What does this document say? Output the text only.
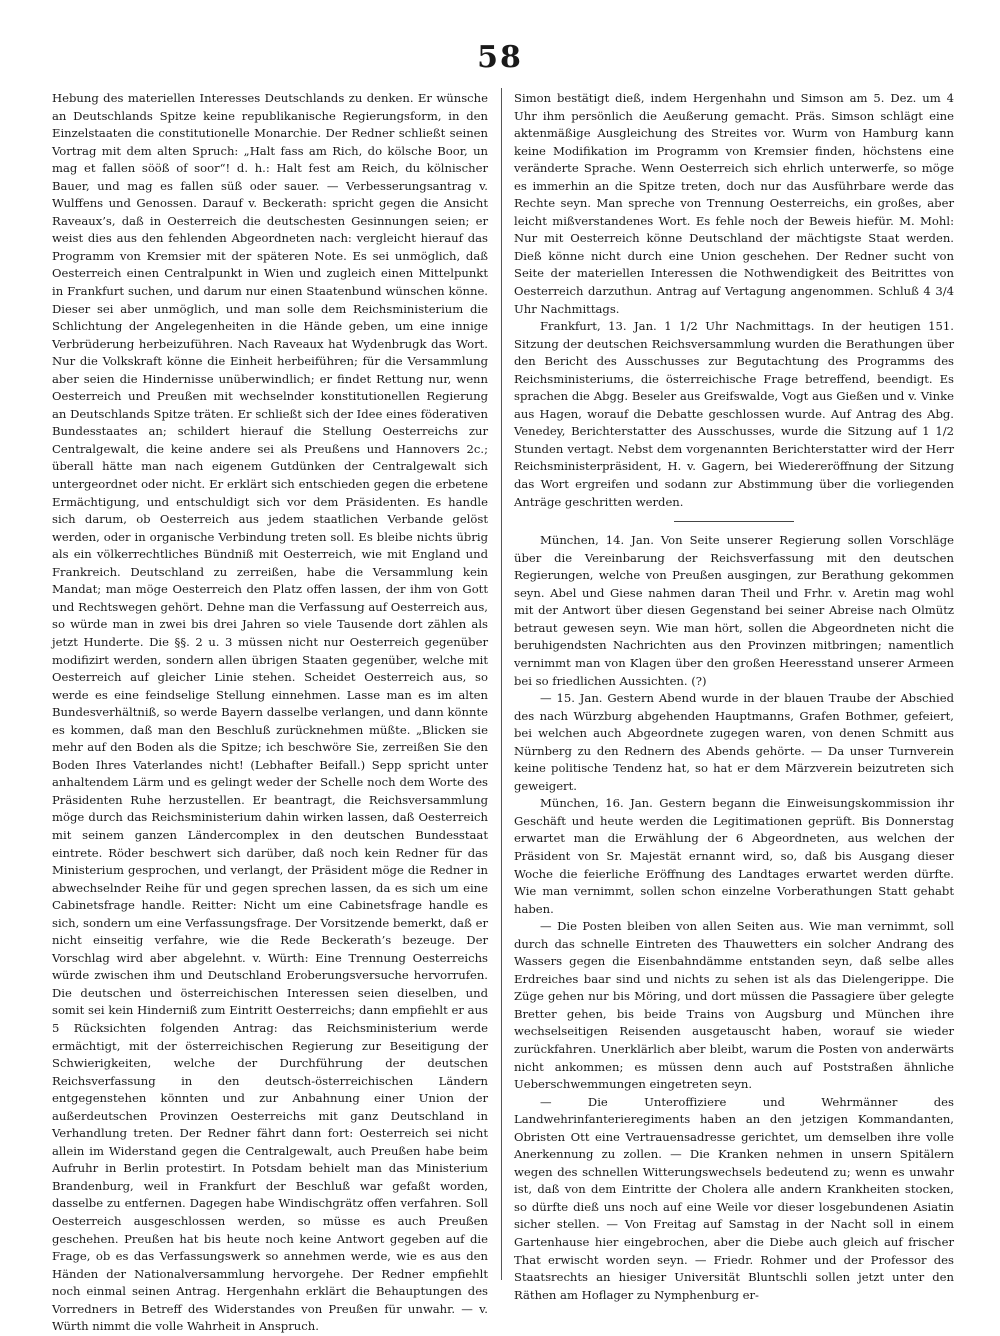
58

Hebung des materiellen Interesses Deutschlands zu denken. Er wünsche an Deutschlands Spitze keine republikanische Regierungsform, in den Einzelstaaten die constitutionelle Monarchie. Der Redner schließt seinen Vortrag mit dem alten Spruch: „Halt fass am Rich, do kölsche Boor, un mag et fallen sööß of soor“! d. h.: Halt fest am Reich, du kölnischer Bauer, und mag es fallen süß oder sauer. — Verbesserungsantrag v. Wulffens und Genossen. Darauf v. Beckerath: spricht gegen die Ansicht Raveaux’s, daß in Oesterreich die deutschesten Gesinnungen seien; er weist dies aus den fehlenden Abgeordneten nach: vergleicht hierauf das Programm von Kremsier mit der späteren Note. Es sei unmöglich, daß Oesterreich einen Centralpunkt in Wien und zugleich einen Mittelpunkt in Frankfurt suchen, und darum nur einen Staatenbund wünschen könne. Dieser sei aber unmöglich, und man solle dem Reichsministerium die Schlichtung der Angelegenheiten in die Hände geben, um eine innige Verbrüderung herbeizuführen. Nach Raveaux hat Wydenbrugk das Wort. Nur die Volkskraft könne die Einheit herbeiführen; für die Versammlung aber seien die Hindernisse unüberwindlich; er findet Rettung nur, wenn Oesterreich und Preußen mit wechselnder konstitutionellen Regierung an Deutschlands Spitze träten. Er schließt sich der Idee eines föderativen Bundesstaates an; schildert hierauf die Stellung Oesterreichs zur Centralgewalt, die keine andere sei als Preußens und Hannovers 2c.; überall hätte man nach eigenem Gutdünken der Centralgewalt sich untergeordnet oder nicht. Er erklärt sich entschieden gegen die erbetene Ermächtigung, und entschuldigt sich vor dem Präsidenten. Es handle sich darum, ob Oesterreich aus jedem staatlichen Verbande gelöst werden, oder in organische Verbindung treten soll. Es bleibe nichts übrig als ein völkerrechtliches Bündniß mit Oesterreich, wie mit England und Frankreich. Deutschland zu zerreißen, habe die Versammlung kein Mandat; man möge Oesterreich den Platz offen lassen, der ihm von Gott und Rechtswegen gehört. Dehne man die Verfassung auf Oesterreich aus, so würde man in zwei bis drei Jahren so viele Tausende dort zählen als jetzt Hunderte. Die §§. 2 u. 3 müssen nicht nur Oesterreich gegenüber modifizirt werden, sondern allen übrigen Staaten gegenüber, welche mit Oesterreich auf gleicher Linie stehen. Scheidet Oesterreich aus, so werde es eine feindselige Stellung einnehmen. Lasse man es im alten Bundesverhältniß, so werde Bayern dasselbe verlangen, und dann könnte es kommen, daß man den Beschluß zurücknehmen müßte. „Blicken sie mehr auf den Boden als die Spitze; ich beschwöre Sie, zerreißen Sie den Boden Ihres Vaterlandes nicht! (Lebhafter Beifall.) Sepp spricht unter anhaltendem Lärm und es gelingt weder der Schelle noch dem Worte des Präsidenten Ruhe herzustellen. Er beantragt, die Reichsversammlung möge durch das Reichsministerium dahin wirken lassen, daß Oesterreich mit seinem ganzen Ländercomplex in den deutschen Bundesstaat eintrete. Röder beschwert sich darüber, daß noch kein Redner für das Ministerium gesprochen, und verlangt, der Präsident möge die Redner in abwechselnder Reihe für und gegen sprechen lassen, da es sich um eine Cabinetsfrage handle. Reitter: Nicht um eine Cabinetsfrage handle es sich, sondern um eine Verfassungsfrage. Der Vorsitzende bemerkt, daß er nicht einseitig verfahre, wie die Rede Beckerath’s bezeuge. Der Vorschlag wird aber abgelehnt. v. Würth: Eine Trennung Oesterreichs würde zwischen ihm und Deutschland Eroberungsversuche hervorrufen. Die deutschen und österreichischen Interessen seien dieselben, und somit sei kein Hinderniß zum Eintritt Oesterreichs; dann empfiehlt er aus 5 Rücksichten folgenden Antrag: das Reichsministerium werde ermächtigt, mit der österreichischen Regierung zur Beseitigung der Schwierigkeiten, welche der Durchführung der deutschen Reichsverfassung in den deutsch-österreichischen Ländern entgegenstehen könnten und zur Anbahnung einer Union der außerdeutschen Provinzen Oesterreichs mit ganz Deutschland in Verhandlung treten. Der Redner fährt dann fort: Oesterreich sei nicht allein im Widerstand gegen die Centralgewalt, auch Preußen habe beim Aufruhr in Berlin protestirt. In Potsdam behielt man das Ministerium Brandenburg, weil in Frankfurt der Beschluß war gefaßt worden, dasselbe zu entfernen. Dagegen habe Windischgrätz offen verfahren. Soll Oesterreich ausgeschlossen werden, so müsse es auch Preußen geschehen. Preußen hat bis heute noch keine Antwort gegeben auf die Frage, ob es das Verfassungswerk so annehmen werde, wie es aus den Händen der Nationalversammlung hervorgehe. Der Redner empfiehlt noch einmal seinen Antrag. Hergenhahn erklärt die Behauptungen des Vorredners in Betreff des Widerstandes von Preußen für unwahr. — v. Würth nimmt die volle Wahrheit in Anspruch.

Simon bestätigt dieß, indem Hergenhahn und Simson am 5. Dez. um 4 Uhr ihm persönlich die Aeußerung gemacht. Präs. Simson schlägt eine aktenmäßige Ausgleichung des Streites vor. Wurm von Hamburg kann keine Modifikation im Programm von Kremsier finden, höchstens eine veränderte Sprache. Wenn Oesterreich sich ehrlich unterwerfe, so möge es immerhin an die Spitze treten, doch nur das Ausführbare werde das Rechte seyn. Man spreche von Trennung Oesterreichs, ein großes, aber leicht mißverstandenes Wort. Es fehle noch der Beweis hiefür. M. Mohl: Nur mit Oesterreich könne Deutschland der mächtigste Staat werden. Dieß könne nicht durch eine Union geschehen. Der Redner sucht von Seite der materiellen Interessen die Nothwendigkeit des Beitrittes von Oesterreich darzuthun. Antrag auf Vertagung angenommen. Schluß 4 3/4 Uhr Nachmittags.

Frankfurt, 13. Jan. 1 1/2 Uhr Nachmittags. In der heutigen 151. Sitzung der deutschen Reichsversammlung wurden die Berathungen über den Bericht des Ausschusses zur Begutachtung des Programms des Reichsministeriums, die österreichische Frage betreffend, beendigt. Es sprachen die Abgg. Beseler aus Greifswalde, Vogt aus Gießen und v. Vinke aus Hagen, worauf die Debatte geschlossen wurde. Auf Antrag des Abg. Venedey, Berichterstatter des Ausschusses, wurde die Sitzung auf 1 1/2 Stunden vertagt. Nebst dem vorgenannten Berichterstatter wird der Herr Reichsministerpräsident, H. v. Gagern, bei Wiedereröffnung der Sitzung das Wort ergreifen und sodann zur Abstimmung über die vorliegenden Anträge geschritten werden.

München, 14. Jan. Von Seite unserer Regierung sollen Vorschläge über die Vereinbarung der Reichsverfassung mit den deutschen Regierungen, welche von Preußen ausgingen, zur Berathung gekommen seyn. Abel und Giese nahmen daran Theil und Frhr. v. Aretin mag wohl mit der Antwort über diesen Gegenstand bei seiner Abreise nach Olmütz betraut gewesen seyn. Wie man hört, sollen die Abgeordneten nicht die beruhigendsten Nachrichten aus den Provinzen mitbringen; namentlich vernimmt man von Klagen über den großen Heeresstand unserer Armeen bei so friedlichen Aussichten. (?)

— 15. Jan. Gestern Abend wurde in der blauen Traube der Abschied des nach Würzburg abgehenden Hauptmanns, Grafen Bothmer, gefeiert, bei welchen auch Abgeordnete zugegen waren, von denen Schmitt aus Nürnberg zu den Rednern des Abends gehörte. — Da unser Turnverein keine politische Tendenz hat, so hat er dem Märzverein beizutreten sich geweigert.

München, 16. Jan. Gestern begann die Einweisungskommission ihr Geschäft und heute werden die Legitimationen geprüft. Bis Donnerstag erwartet man die Erwählung der 6 Abgeordneten, aus welchen der Präsident von Sr. Majestät ernannt wird, so, daß bis Ausgang dieser Woche die feierliche Eröffnung des Landtages erwartet werden dürfte. Wie man vernimmt, sollen schon einzelne Vorberathungen Statt gehabt haben.

— Die Posten bleiben von allen Seiten aus. Wie man vernimmt, soll durch das schnelle Eintreten des Thauwetters ein solcher Andrang des Wassers gegen die Eisenbahndämme entstanden seyn, daß selbe alles Erdreiches baar sind und nichts zu sehen ist als das Dielengerippe. Die Züge gehen nur bis Möring, und dort müssen die Passagiere über gelegte Bretter gehen, bis beide Trains von Augsburg und München ihre wechselseitigen Reisenden ausgetauscht haben, worauf sie wieder zurückfahren. Unerklärlich aber bleibt, warum die Posten von anderwärts nicht ankommen; es müssen denn auch auf Poststraßen ähnliche Ueberschwemmungen eingetreten seyn.

— Die Unteroffiziere und Wehrmänner des Landwehrinfanterieregiments haben an den jetzigen Kommandanten, Obristen Ott eine Vertrauensadresse gerichtet, um demselben ihre volle Anerkennung zu zollen. — Die Kranken nehmen in unsern Spitälern wegen des schnellen Witterungswechsels bedeutend zu; wenn es unwahr ist, daß von dem Eintritte der Cholera alle andern Krankheiten stocken, so dürfte dieß uns noch auf eine Weile vor dieser losgebundenen Asiatin sicher stellen. — Von Freitag auf Samstag in der Nacht soll in einem Gartenhause hier eingebrochen, aber die Diebe auch gleich auf frischer That erwischt worden seyn. — Friedr. Rohmer und der Professor des Staatsrechts an hiesiger Universität Bluntschli sollen jetzt unter den Räthen am Hoflager zu Nymphenburg er-
